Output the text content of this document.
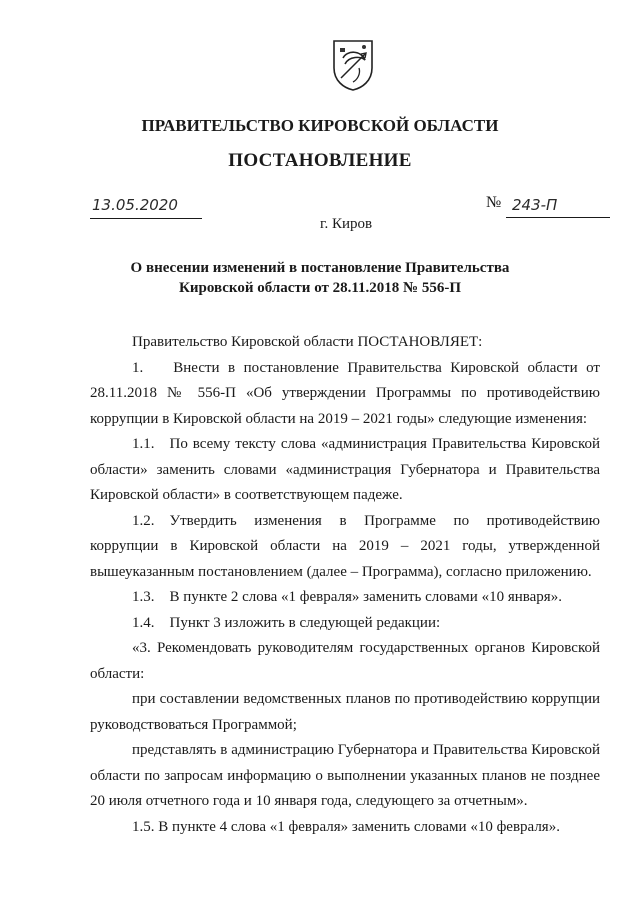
ПРАВИТЕЛЬСТВО КИРОВСКОЙ ОБЛАСТИ
ПОСТАНОВЛЕНИЕ
13.05.2020	№ 243-П
г. Киров
О внесении изменений в постановление Правительства
Кировской области от 28.11.2018 № 556-П

Правительство Кировской области ПОСТАНОВЛЯЕТ:

1.  Внести в постановление Правительства Кировской области от 28.11.2018 № 556-П «Об утверждении Программы по противодействию коррупции в Кировской области на 2019 – 2021 годы» следующие изменения:

1.1. По всему тексту слова «администрация Правительства Кировской области» заменить словами «администрация Губернатора и Правительства Кировской области» в соответствующем падеже.

1.2. Утвердить изменения в Программе по противодействию коррупции в Кировской области на 2019 – 2021 годы, утвержденной вышеуказанным постановлением (далее – Программа), согласно приложению.

1.3. В пункте 2 слова «1 февраля» заменить словами «10 января».

1.4. Пункт 3 изложить в следующей редакции:

«3. Рекомендовать руководителям государственных органов Кировской области:

при составлении ведомственных планов по противодействию коррупции руководствоваться Программой;

представлять в администрацию Губернатора и Правительства Кировской области по запросам информацию о выполнении указанных планов не позднее 20 июля отчетного года и 10 января года, следующего за отчетным».

1.5. В пункте 4 слова «1 февраля» заменить словами «10 февраля».
